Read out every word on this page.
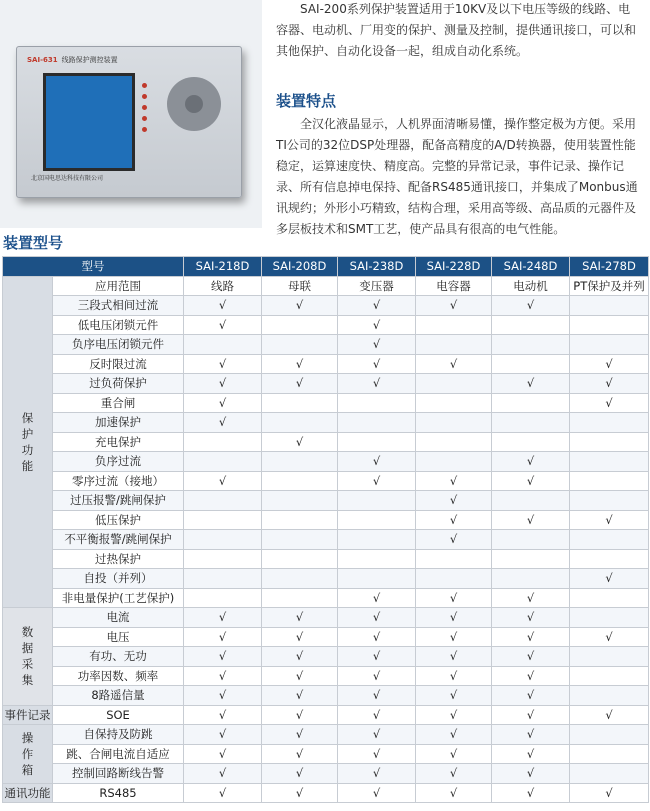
SAI-631 线路保护测控装置
北京国电思达科技有限公司

SAI-200系列保护装置适用于10KV及以下电压等级的线路、电容器、电动机、厂用变的保护、测量及控制，提供通讯接口，可以和其他保护、自动化设备一起，组成自动化系统。

装置特点

全汉化液晶显示，人机界面清晰易懂，操作整定极为方便。采用TI公司的32位DSP处理器，配备高精度的A/D转换器，使用装置性能稳定，运算速度快、精度高。完整的异常记录，事件记录、操作记录、所有信息掉电保持、配备RS485通讯接口，并集成了Monbus通讯规约；外形小巧精致，结构合理，采用高等级、高品质的元器件及多层板技术和SMT工艺，使产品具有很高的电气性能。

装置型号
型号		SAI-218D	SAI-208D	SAI-238D	SAI-228D	SAI-248D	SAI-278D

保
护
功
能	应用范围	线路	母联	变压器	电容器	电动机	PT保护及并列
	三段式相间过流	√	√	√	√	√	
	低电压闭锁元件	√		√			
	负序电压闭锁元件			√			
	反时限过流	√	√	√	√		√
	过负荷保护	√	√	√		√	√
	重合闸	√					√
	加速保护	√					
	充电保护		√				
	负序过流			√		√	
	零序过流（接地）	√		√	√	√	
	过压报警/跳闸保护				√		
	低压保护				√	√	√
	不平衡报警/跳闸保护				√		
	过热保护						
	自投（并列）						√
	非电量保护(工艺保护)			√	√	√	

数
据
采
集	电流	√	√	√	√	√	
	电压	√	√	√	√	√	√
	有功、无功	√	√	√	√	√	
	功率因数、频率	√	√	√	√	√	
	8路遥信量	√	√	√	√	√	
事件记录	SOE	√	√	√	√	√	√

操
作
箱	自保持及防跳	√	√	√	√	√	
	跳、合闸电流自适应	√	√	√	√	√	
	控制回路断线告警	√	√	√	√	√	
通讯功能	RS485	√	√	√	√	√	√
